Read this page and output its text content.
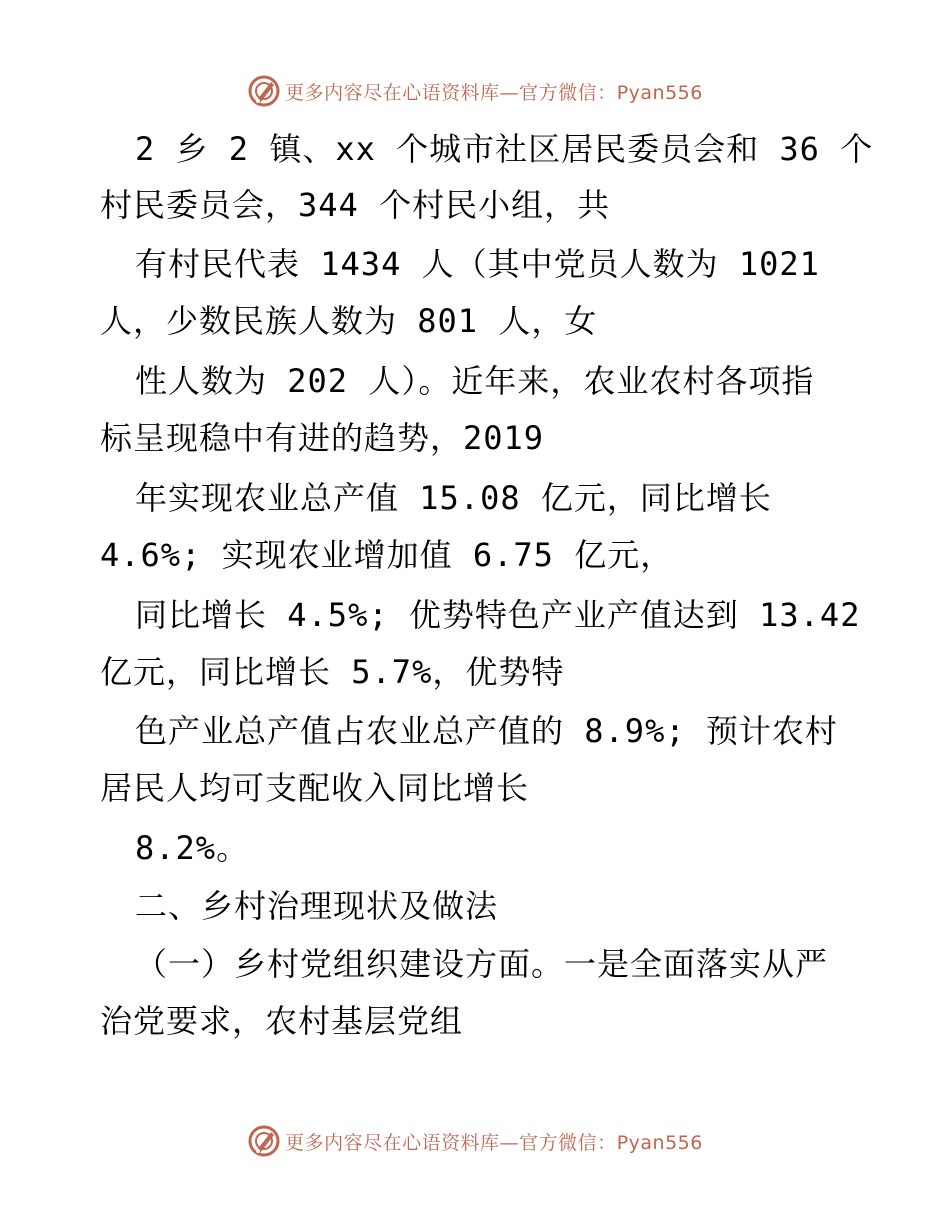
更多内容尽在心语资料库—官方微信：Pyan556
2 乡 2 镇、xx 个城市社区居民委员会和 36 个
村民委员会，344 个村民小组，共
有村民代表 1434 人（其中党员人数为 1021
人，少数民族人数为 801 人，女
性人数为 202 人）。近年来，农业农村各项指
标呈现稳中有进的趋势，2019
年实现农业总产值 15.08 亿元，同比增长
4.6%; 实现农业增加值 6.75 亿元，
同比增长 4.5%; 优势特色产业产值达到 13.42
亿元，同比增长 5.7%，优势特
色产业总产值占农业总产值的 8.9%; 预计农村
居民人均可支配收入同比增长
8.2%。
二、乡村治理现状及做法
（一）乡村党组织建设方面。一是全面落实从严
治党要求，农村基层党组
更多内容尽在心语资料库—官方微信：Pyan556
